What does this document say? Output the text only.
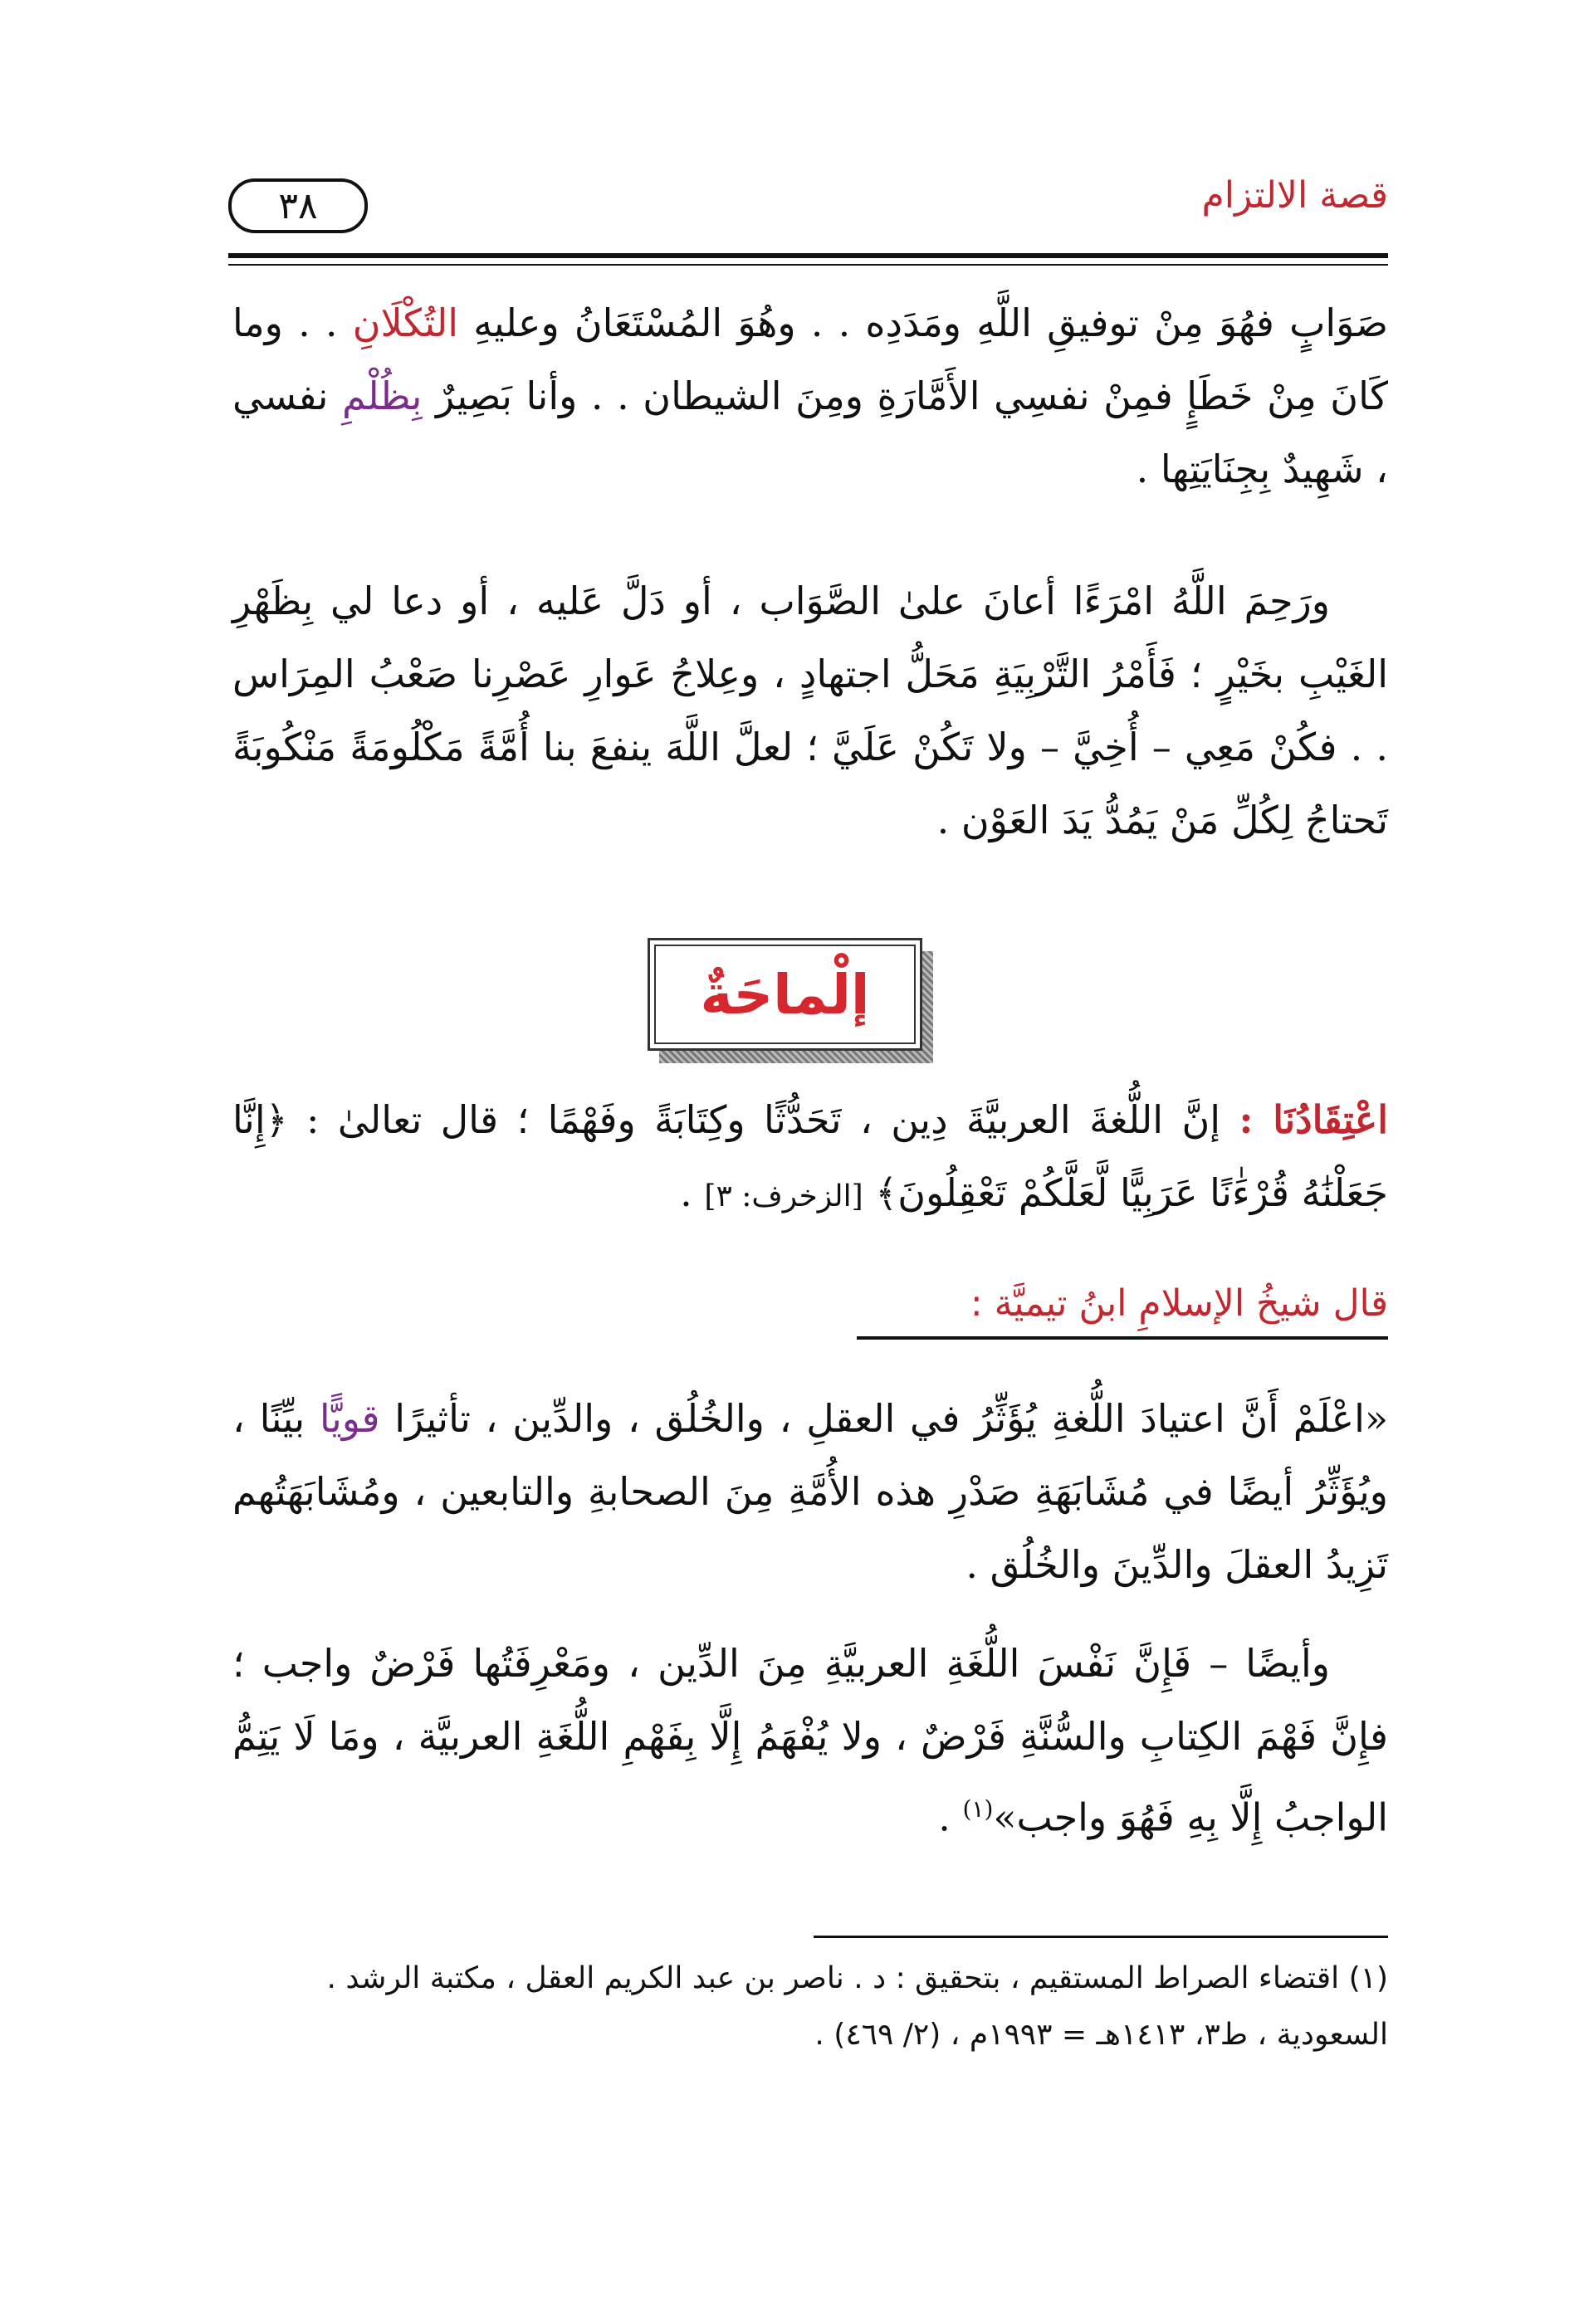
قصة الالتزام
٣٨

صَوَابٍ فهُوَ مِنْ توفيقِ اللَّهِ ومَدَدِه . . وهُوَ المُسْتَعَانُ وعليهِ التُكْلَانِ . . وما كَانَ مِنْ خَطَإٍ فمِنْ نفسِي الأَمَّارَةِ ومِنَ الشيطان . . وأنا بَصِيرٌ بِظُلْمِ نفسي ، شَهِيدٌ بِجِنَايَتِها .

ورَحِمَ اللَّهُ امْرَءًا أعانَ علىٰ الصَّوَاب ، أو دَلَّ عَليه ، أو دعا لي بِظَهْرِ الغَيْبِ بخَيْرٍ ؛ فَأَمْرُ التَّرْبِيَةِ مَحَلُّ اجتهادٍ ، وعِلاجُ عَوارِ عَصْرِنا صَعْبُ المِرَاس . . فكُنْ مَعِي – أُخِيَّ – ولا تَكُنْ عَلَيَّ ؛ لعلَّ اللَّهَ ينفعَ بنا أُمَّةً مَكْلُومَةً مَنْكُوبَةً تَحتاجُ لِكُلِّ مَنْ يَمُدُّ يَدَ العَوْن .

إلْماحَةٌ

اعْتِقَادُنَا : إنَّ اللُّغةَ العربيَّةَ دِين ، تَحَدُّثًا وكِتَابَةً وفَهْمًا ؛ قال تعالىٰ : ﴿إِنَّا جَعَلْنَٰهُ قُرْءَٰنًا عَرَبِيًّا لَّعَلَّكُمْ تَعْقِلُونَ﴾ [الزخرف: ٣] .

قال شيخُ الإسلامِ ابنُ تيميَّة :

«اعْلَمْ أَنَّ اعتيادَ اللُّغةِ يُؤَثِّرُ في العقلِ ، والخُلُق ، والدِّين ، تأثيرًا قويًّا بيِّنًا ، ويُؤَثِّرُ أيضًا في مُشَابَهَةِ صَدْرِ هذه الأُمَّةِ مِنَ الصحابةِ والتابعين ، ومُشَابَهَتُهم تَزِيدُ العقلَ والدِّينَ والخُلُق .

وأيضًا – فَإِنَّ نَفْسَ اللُّغَةِ العربيَّةِ مِنَ الدِّين ، ومَعْرِفَتُها فَرْضٌ واجب ؛ فإِنَّ فَهْمَ الكِتابِ والسُّنَّةِ فَرْضٌ ، ولا يُفْهَمُ إِلَّا بِفَهْمِ اللُّغَةِ العربيَّة ، ومَا لَا يَتِمُّ الواجبُ إِلَّا بِهِ فَهُوَ واجب»$^{(١)}$ .

(١) اقتضاء الصراط المستقيم ، بتحقيق : د . ناصر بن عبد الكريم العقل ، مكتبة الرشد . السعودية ، ط٣، ١٤١٣هـ = ١٩٩٣م ، (٢/ ٤٦٩) .
